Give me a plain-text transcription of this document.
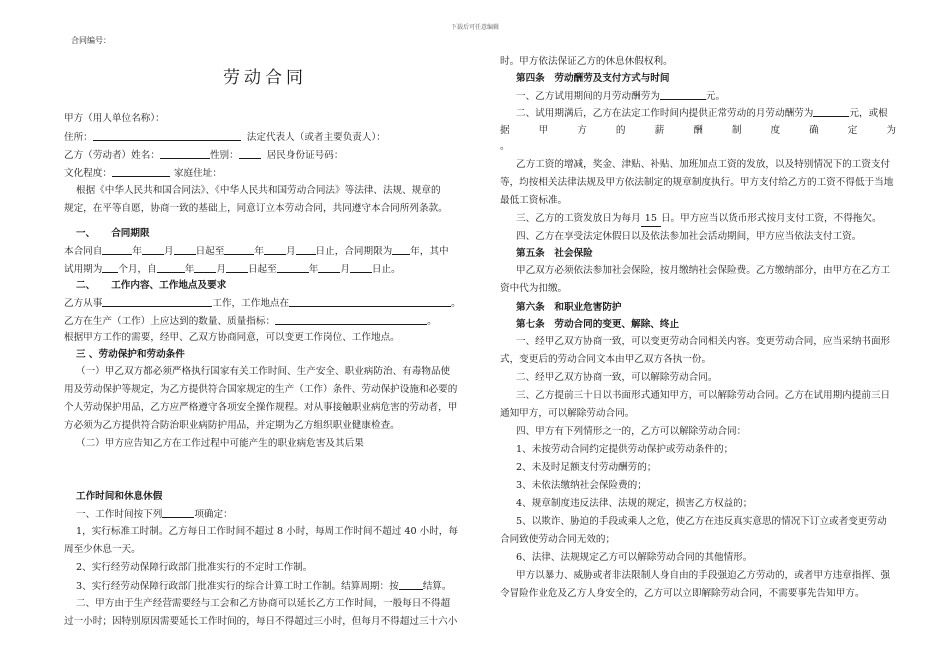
合同编号：
下载后可任意编辑
劳动合同
甲方（用人单位名称）：
住所：	法定代表人（或者主要负责人）：
乙方（劳动者）姓名：	性别：	居民身份证号码：
文化程度：	家庭住址：
根据《中华人民共和国合同法》、《中华人民共和国劳动合同法》等法律、法规、规章的
规定，在平等自愿，协商一致的基础上，同意订立本劳动合同，共同遵守本合同所列条款。
一、 合同期限
本合同自	年 月 日起至	年 月 日止，合同期限为 年，其中
试用期为 个月，自	年 月 日起至	年 月 日止。
二、 工作内容、工作地点及要求
乙方从事	工作，工作地点在	。
乙方在生产（工作）上应达到的数量、质量指标：	。
根据甲方工作的需要，经甲、乙双方协商同意，可以变更工作岗位、工作地点。
三 、劳动保护和劳动条件
（一）甲乙双方都必须严格执行国家有关工作时间、生产安全、职业病防治、有毒物品使
用及劳动保护等规定，为乙方提供符合国家规定的生产（工作）条件、劳动保护设施和必要的
个人劳动保护用品，乙方应严格遵守各项安全操作规程。对从事接触职业病危害的劳动者，甲
方必须为乙方提供符合防治职业病防护用品，并定期为乙方组织职业健康检查。
（二）甲方应告知乙方在工作过程中可能产生的职业病危害及其后果
工作时间和休息休假
一、工作时间按下列	项确定：
1，实行标准工时制。乙方每日工作时间不超过 8 小时，每周工作时间不超过 40 小时，每
周至少休息一天。
2、实行经劳动保障行政部门批准实行的不定时工作制。
3、实行经劳动保障行政部门批准实行的综合计算工时工作制。结算周期：按	结算。
二、甲方由于生产经营需要经与工会和乙方协商可以延长乙方工作时间，一般每日不得超
过一小时；因特别原因需要延长工作时间的，每日不得超过三小时，但每月不得超过三十六小
时。甲方依法保证乙方的休息休假权利。
第四条　劳动酬劳及支付方式与时间
一、乙方试用期间的月劳动酬劳为	元。
二、试用期满后，乙方在法定工作时间内提供正常劳动的月劳动酬劳为	元，或根
据	甲	方	的	薪	酬	制	度	确	定	为
。
乙方工资的增减，奖金、津贴、补贴、加班加点工资的发放，以及特别情况下的工资支付
等，均按相关法律法规及甲方依法制定的规章制度执行。甲方支付给乙方的工资不得低于当地
最低工资标准。
三、乙方的工资发放日为每月 15 日。甲方应当以货币形式按月支付工资，不得拖欠。
四、乙方在享受法定休假日以及依法参加社会活动期间，甲方应当依法支付工资。
第五条　社会保险
甲乙双方必须依法参加社会保险，按月缴纳社会保险费。乙方缴纳部分，由甲方在乙方工
资中代为扣缴。
第六条　和职业危害防护
第七条　劳动合同的变更、解除、终止
一、经甲乙双方协商一致，可以变更劳动合同相关内容。变更劳动合同，应当采纳书面形
式，变更后的劳动合同文本由甲乙双方各执一份。
二、经甲乙双方协商一致，可以解除劳动合同。
三、乙方提前三十日以书面形式通知甲方，可以解除劳动合同。乙方在试用期内提前三日
通知甲方，可以解除劳动合同。
四、甲方有下列情形之一的，乙方可以解除劳动合同：
1、未按劳动合同约定提供劳动保护或劳动条件的；
2、未及时足额支付劳动酬劳的；
3、未依法缴纳社会保险费的；
4、规章制度违反法律、法规的规定，损害乙方权益的；
5、以欺诈、胁迫的手段或乘人之危，使乙方在违反真实意思的情况下订立或者变更劳动
合同致使劳动合同无效的；
6、法律、法规规定乙方可以解除劳动合同的其他情形。
甲方以暴力、威胁或者非法限制人身自由的手段强迫乙方劳动的，或者甲方违章指挥、强
令冒险作业危及乙方人身安全的，乙方可以立即解除劳动合同，不需要事先告知甲方。
